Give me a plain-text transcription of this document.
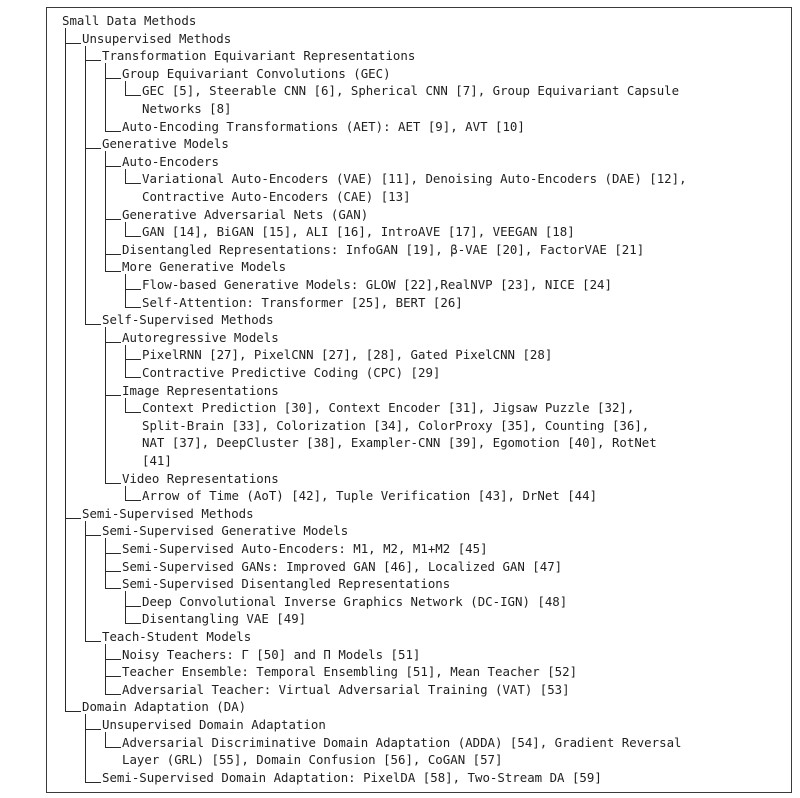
Small Data Methods
Unsupervised Methods
Transformation Equivariant Representations
Group Equivariant Convolutions (GEC)
GEC [5], Steerable CNN [6], Spherical CNN [7], Group Equivariant Capsule
Networks [8]
Auto-Encoding Transformations (AET): AET [9], AVT [10]
Generative Models
Auto-Encoders
Variational Auto-Encoders (VAE) [11], Denoising Auto-Encoders (DAE) [12],
Contractive Auto-Encoders (CAE) [13]
Generative Adversarial Nets (GAN)
GAN [14], BiGAN [15], ALI [16], IntroAVE [17], VEEGAN [18]
Disentangled Representations: InfoGAN [19], β-VAE [20], FactorVAE [21]
More Generative Models
Flow-based Generative Models: GLOW [22],RealNVP [23], NICE [24]
Self-Attention: Transformer [25], BERT [26]
Self-Supervised Methods
Autoregressive Models
PixelRNN [27], PixelCNN [27], [28], Gated PixelCNN [28]
Contractive Predictive Coding (CPC) [29]
Image Representations
Context Prediction [30], Context Encoder [31], Jigsaw Puzzle [32],
Split-Brain [33], Colorization [34], ColorProxy [35], Counting [36],
NAT [37], DeepCluster [38], Exampler-CNN [39], Egomotion [40], RotNet
[41]
Video Representations
Arrow of Time (AoT) [42], Tuple Verification [43], DrNet [44]
Semi-Supervised Methods
Semi-Supervised Generative Models
Semi-Supervised Auto-Encoders: M1, M2, M1+M2 [45]
Semi-Supervised GANs: Improved GAN [46], Localized GAN [47]
Semi-Supervised Disentangled Representations
Deep Convolutional Inverse Graphics Network (DC-IGN) [48]
Disentangling VAE [49]
Teach-Student Models
Noisy Teachers: Γ [50] and Π Models [51]
Teacher Ensemble: Temporal Ensembling [51], Mean Teacher [52]
Adversarial Teacher: Virtual Adversarial Training (VAT) [53]
Domain Adaptation (DA)
Unsupervised Domain Adaptation
Adversarial Discriminative Domain Adaptation (ADDA) [54], Gradient Reversal
Layer (GRL) [55], Domain Confusion [56], CoGAN [57]
Semi-Supervised Domain Adaptation: PixelDA [58], Two-Stream DA [59]
